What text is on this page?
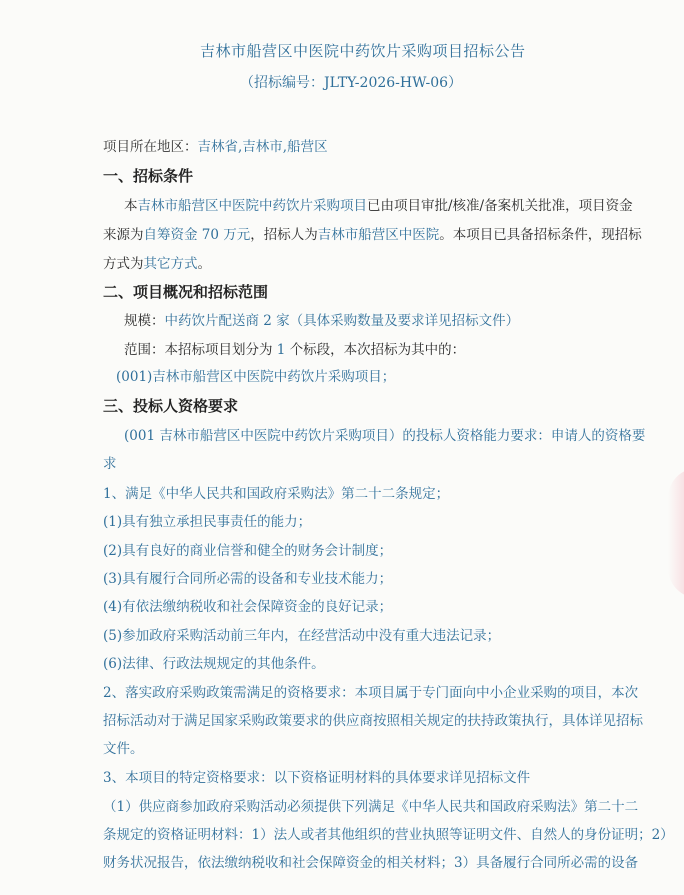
吉林市船营区中医院中药饮片采购项目招标公告
（招标编号：JLTY-2026-HW-06）
项目所在地区：吉林省,吉林市,船营区
一、招标条件
本吉林市船营区中医院中药饮片采购项目已由项目审批/核准/备案机关批准，项目资金
来源为自筹资金 70 万元，招标人为吉林市船营区中医院。本项目已具备招标条件，现招标
方式为其它方式。
二、项目概况和招标范围
规模：中药饮片配送商 2 家（具体采购数量及要求详见招标文件）
范围：本招标项目划分为 1 个标段，本次招标为其中的：
(001)吉林市船营区中医院中药饮片采购项目；
三、投标人资格要求
(001 吉林市船营区中医院中药饮片采购项目）的投标人资格能力要求：申请人的资格要
求
1、满足《中华人民共和国政府采购法》第二十二条规定；
(1)具有独立承担民事责任的能力；
(2)具有良好的商业信誉和健全的财务会计制度；
(3)具有履行合同所必需的设备和专业技术能力；
(4)有依法缴纳税收和社会保障资金的良好记录；
(5)参加政府采购活动前三年内，在经营活动中没有重大违法记录；
(6)法律、行政法规规定的其他条件。
2、落实政府采购政策需满足的资格要求：本项目属于专门面向中小企业采购的项目，本次
招标活动对于满足国家采购政策要求的供应商按照相关规定的扶持政策执行，具体详见招标
文件。
3、本项目的特定资格要求：以下资格证明材料的具体要求详见招标文件
（1）供应商参加政府采购活动必须提供下列满足《中华人民共和国政府采购法》第二十二
条规定的资格证明材料：1）法人或者其他组织的营业执照等证明文件、自然人的身份证明；2）
财务状况报告，依法缴纳税收和社会保障资金的相关材料；3）具备履行合同所必需的设备
